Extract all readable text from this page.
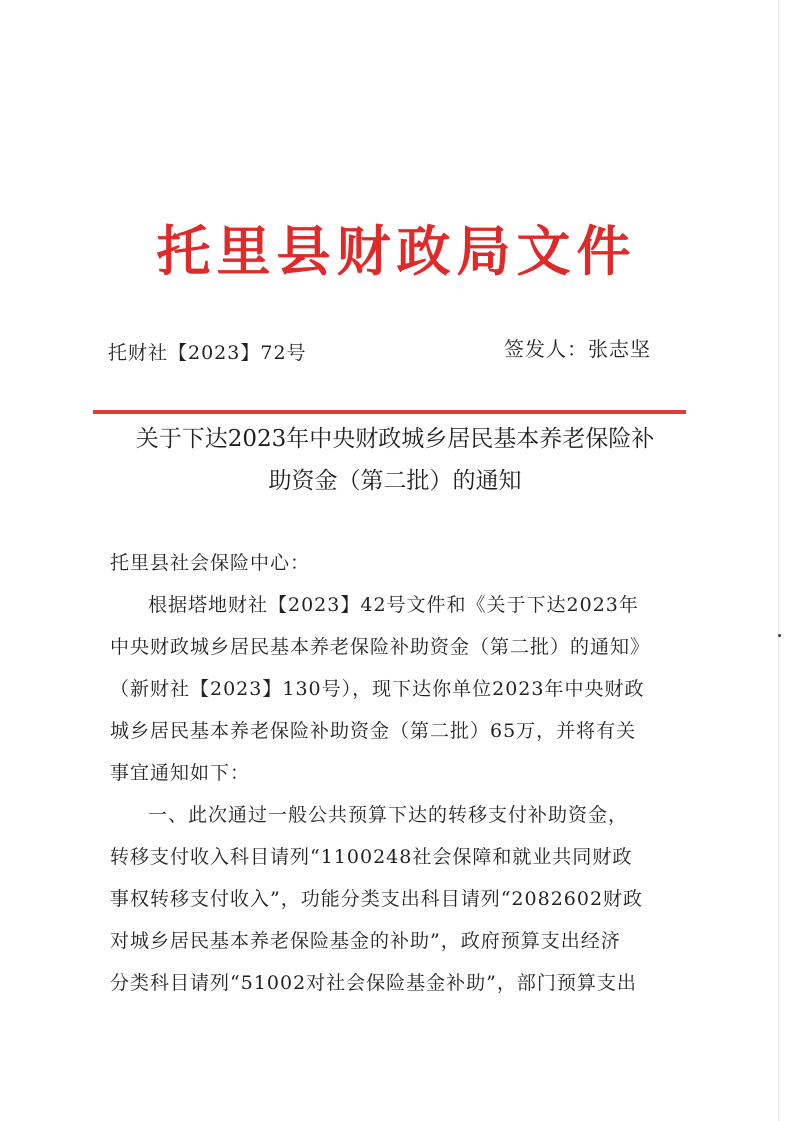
托里县财政局文件
托财社【2023】72号	签发人：张志坚
关于下达2023年中央财政城乡居民基本养老保险补
助资金（第二批）的通知
托里县社会保险中心：
根据塔地财社【2023】42号文件和《关于下达2023年
中央财政城乡居民基本养老保险补助资金（第二批）的通知》
（新财社【2023】130号），现下达你单位2023年中央财政
城乡居民基本养老保险补助资金（第二批）65万，并将有关
事宜通知如下：
一、此次通过一般公共预算下达的转移支付补助资金，
转移支付收入科目请列“1100248社会保障和就业共同财政
事权转移支付收入”，功能分类支出科目请列“2082602财政
对城乡居民基本养老保险基金的补助”，政府预算支出经济
分类科目请列“51002对社会保险基金补助”，部门预算支出
